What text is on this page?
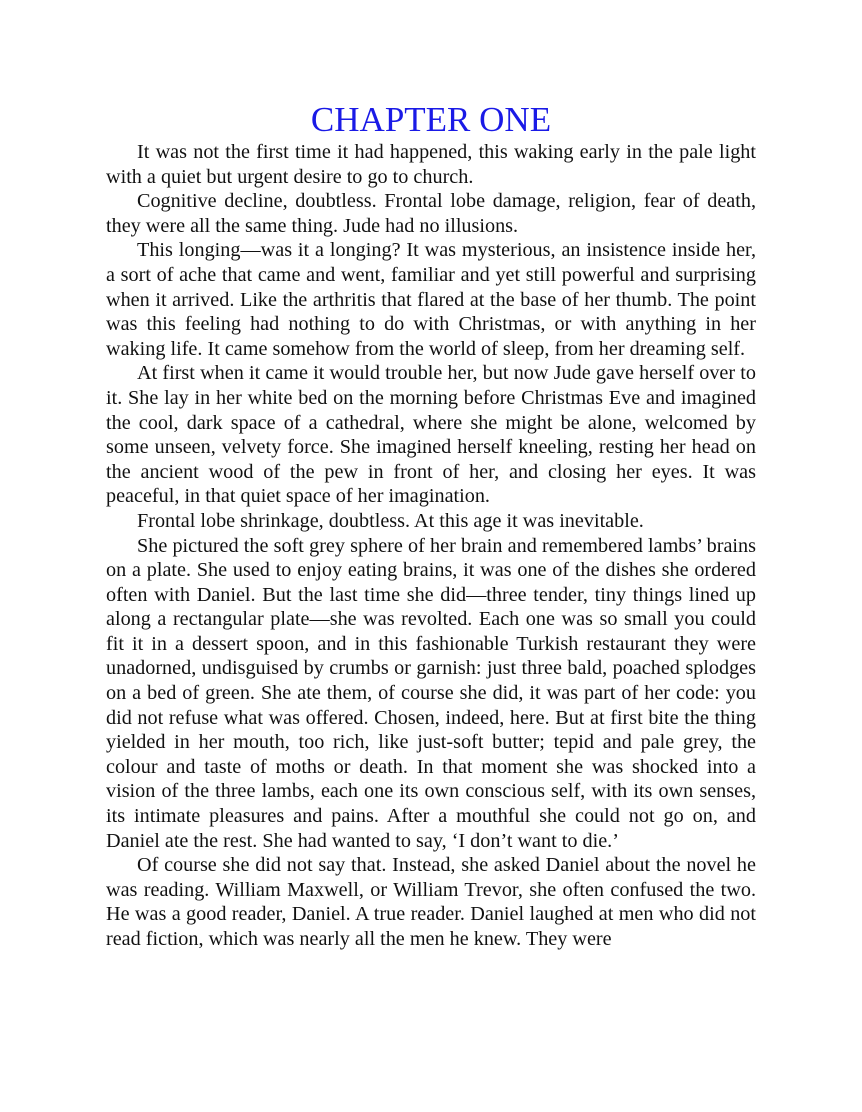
CHAPTER ONE

It was not the first time it had happened, this waking early in the pale light with a quiet but urgent desire to go to church.

Cognitive decline, doubtless. Frontal lobe damage, religion, fear of death, they were all the same thing. Jude had no illusions.

This longing—was it a longing? It was mysterious, an insistence inside her, a sort of ache that came and went, familiar and yet still powerful and surprising when it arrived. Like the arthritis that flared at the base of her thumb. The point was this feeling had nothing to do with Christmas, or with anything in her waking life. It came somehow from the world of sleep, from her dreaming self.

At first when it came it would trouble her, but now Jude gave herself over to it. She lay in her white bed on the morning before Christmas Eve and imagined the cool, dark space of a cathedral, where she might be alone, welcomed by some unseen, velvety force. She imagined herself kneeling, resting her head on the ancient wood of the pew in front of her, and closing her eyes. It was peaceful, in that quiet space of her imagination.

Frontal lobe shrinkage, doubtless. At this age it was inevitable.

She pictured the soft grey sphere of her brain and remembered lambs’ brains on a plate. She used to enjoy eating brains, it was one of the dishes she ordered often with Daniel. But the last time she did—three tender, tiny things lined up along a rectangular plate—she was revolted. Each one was so small you could fit it in a dessert spoon, and in this fashionable Turkish restaurant they were unadorned, undisguised by crumbs or garnish: just three bald, poached splodges on a bed of green. She ate them, of course she did, it was part of her code: you did not refuse what was offered. Chosen, indeed, here. But at first bite the thing yielded in her mouth, too rich, like just-soft butter; tepid and pale grey, the colour and taste of moths or death. In that moment she was shocked into a vision of the three lambs, each one its own conscious self, with its own senses, its intimate pleasures and pains. After a mouthful she could not go on, and Daniel ate the rest. She had wanted to say, ‘I don’t want to die.’

Of course she did not say that. Instead, she asked Daniel about the novel he was reading. William Maxwell, or William Trevor, she often confused the two. He was a good reader, Daniel. A true reader. Daniel laughed at men who did not read fiction, which was nearly all the men he knew. They were
